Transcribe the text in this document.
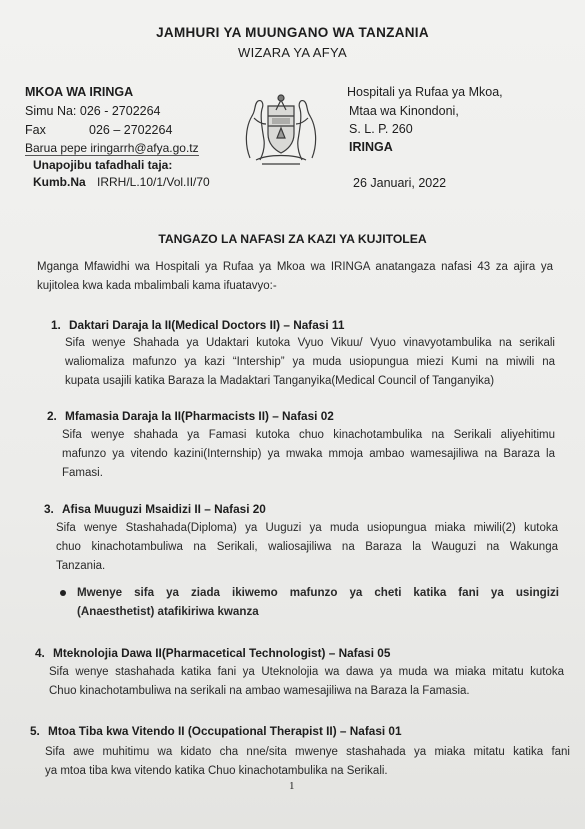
JAMHURI YA MUUNGANO WA TANZANIA
WIZARA YA AFYA
MKOA WA IRINGA
Simu Na: 026 - 2702264
Fax	026 – 2702264
Barua pepe iringarrh@afya.go.tz
Unapojibu tafadhali taja:
Kumb.Na IRRH/L.10/1/Vol.II/70
Hospitali ya Rufaa ya Mkoa,
Mtaa wa Kinondoni,
S. L. P. 260
IRINGA
26 Januari, 2022
TANGAZO LA NAFASI ZA KAZI YA KUJITOLEA
Mganga Mfawidhi wa Hospitali ya Rufaa ya Mkoa wa IRINGA anatangaza nafasi 43 za ajira ya
kujitolea kwa kada mbalimbali kama ifuatavyo:-
1. Daktari Daraja la II(Medical Doctors II) – Nafasi 11
Sifa wenye Shahada ya Udaktari kutoka Vyuo Vikuu/ Vyuo vinavyotambulika na serikali
waliomaliza mafunzo ya kazi “Intership” ya muda usiopungua miezi Kumi na miwili na
kupata usajili katika Baraza la Madaktari Tanganyika(Medical Council of Tanganyika)
2. Mfamasia Daraja la II(Pharmacists II) – Nafasi 02
Sifa wenye shahada ya Famasi kutoka chuo kinachotambulika na Serikali aliyehitimu
mafunzo ya vitendo kazini(Internship) ya mwaka mmoja ambao wamesajiliwa na Baraza la
Famasi.
3. Afisa Muuguzi Msaidizi II – Nafasi 20
Sifa wenye Stashahada(Diploma) ya Uuguzi ya muda usiopungua miaka miwili(2) kutoka
chuo kinachotambuliwa na Serikali, waliosajiliwa na Baraza la Wauguzi na Wakunga
Tanzania.
Mwenye sifa ya ziada ikiwemo mafunzo ya cheti katika fani ya usingizi
(Anaesthetist) atafikiriwa kwanza
4. Mteknolojia Dawa II(Pharmacetical Technologist) – Nafasi 05
Sifa wenye stashahada katika fani ya Uteknolojia wa dawa ya muda wa miaka mitatu kutoka
Chuo kinachotambuliwa na serikali na ambao wamesajiliwa na Baraza la Famasia.
5. Mtoa Tiba kwa Vitendo II (Occupational Therapist II) – Nafasi 01
Sifa awe muhitimu wa kidato cha nne/sita mwenye stashahada ya miaka mitatu katika fani
ya mtoa tiba kwa vitendo katika Chuo kinachotambulika na Serikali.
1
